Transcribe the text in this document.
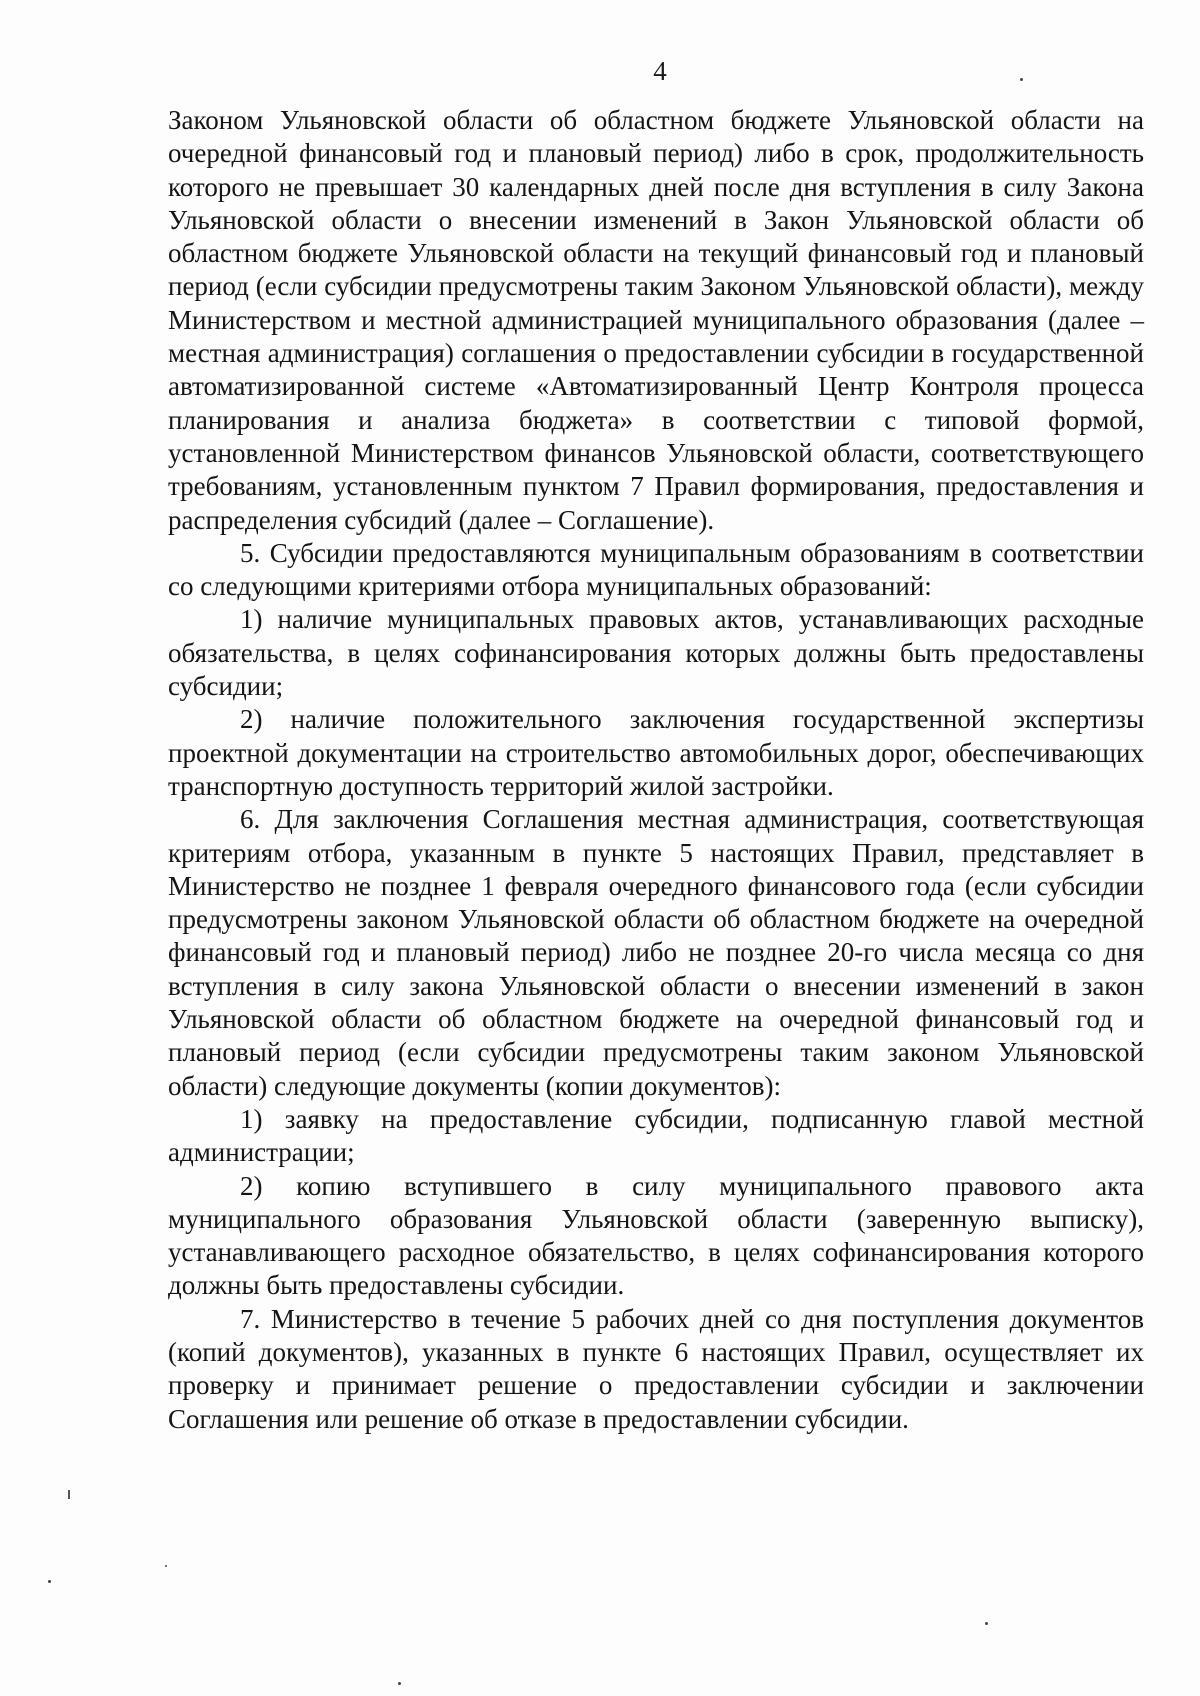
4

Законом Ульяновской области об областном бюджете Ульяновской области на очередной финансовый год и плановый период) либо в срок, продолжительность которого не превышает 30 календарных дней после дня вступления в силу Закона Ульяновской области о внесении изменений в Закон Ульяновской области об областном бюджете Ульяновской области на текущий финансовый год и плановый период (если субсидии предусмотрены таким Законом Ульяновской области), между Министерством и местной администрацией муниципального образования (далее – местная администрация) соглашения о предоставлении субсидии в государственной автоматизированной системе «Автоматизированный Центр Контроля процесса планирования и анализа бюджета» в соответствии с типовой формой, установленной Министерством финансов Ульяновской области, соответствующего требованиям, установленным пунктом 7 Правил формирования, предоставления и распределения субсидий (далее – Соглашение).

5. Субсидии предоставляются муниципальным образованиям в соответствии со следующими критериями отбора муниципальных образований:

1) наличие муниципальных правовых актов, устанавливающих расходные обязательства, в целях софинансирования которых должны быть предоставлены субсидии;

2) наличие положительного заключения государственной экспертизы проектной документации на строительство автомобильных дорог, обеспечивающих транспортную доступность территорий жилой застройки.

6. Для заключения Соглашения местная администрация, соответствующая критериям отбора, указанным в пункте 5 настоящих Правил, представляет в Министерство не позднее 1 февраля очередного финансового года (если субсидии предусмотрены законом Ульяновской области об областном бюджете на очередной финансовый год и плановый период) либо не позднее 20-го числа месяца со дня вступления в силу закона Ульяновской области о внесении изменений в закон Ульяновской области об областном бюджете на очередной финансовый год и плановый период (если субсидии предусмотрены таким законом Ульяновской области) следующие документы (копии документов):

1) заявку на предоставление субсидии, подписанную главой местной администрации;

2) копию вступившего в силу муниципального правового акта муниципального образования Ульяновской области (заверенную выписку), устанавливающего расходное обязательство, в целях софинансирования которого должны быть предоставлены субсидии.

7. Министерство в течение 5 рабочих дней со дня поступления документов (копий документов), указанных в пункте 6 настоящих Правил, осуществляет их проверку и принимает решение о предоставлении субсидии и заключении Соглашения или решение об отказе в предоставлении субсидии.
